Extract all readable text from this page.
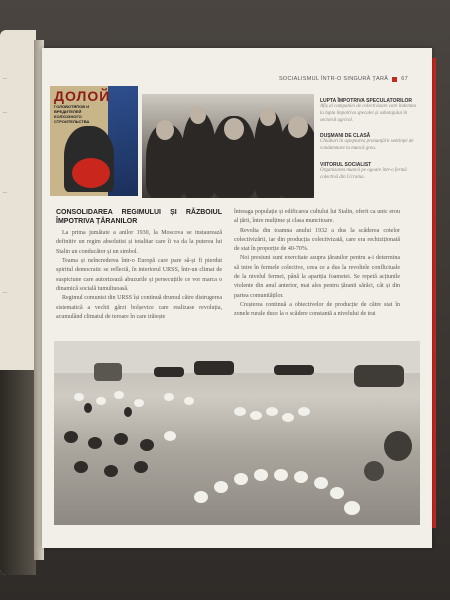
...
...
...
...
SOCIALISMUL ÎNTR-O SINGURĂ ȚARĂ 67
ДОЛОЙ
ГОЛОВОТЯПОВ И ВРЕДИТЕЛЕЙ КОЛХОЗНОГО СТРОИТЕЛЬСТВА
LUPTA ÎMPOTRIVA SPECULATORILOR
Afiș al campaniei de colectivizare care îndemna la lupta împotriva speculei și sabotajului în sectorul agricol.
DUȘMANI DE CLASĂ
Chiaburi în așteptarea pronunțării sentinței de condamnare la muncă grea.
VIITORUL SOCIALIST
Organizarea muncii pe ogoare într-o fermă colectivă din Ucraina.
CONSOLIDAREA REGIMULUI ȘI RĂZBOIUL ÎMPOTRIVA ȚĂRANILOR

La prima jumătate a anilor 1930, la Moscova se instaurează definitiv un regim absolutist și totalitar care îi va da la puterea lui Stalin un conducător și un simbol.

Teama și neîncrederea într-o Europă care pare să-și fi pierdut spiritul democratic se reflectă, în interiorul URSS, într-un climat de suspiciune care autorizează abuzurile și persecuțiile ce vor marca o dinamică socială tumultuoasă.

Regimul comunist din URSS își continuă drumul către distrugerea sistematică a vechii gărzi bolșevice care realizase revoluția, acumulând climatul de teroare în care trăiește

întreaga populație și edificarea cultului lui Stalin, oferit ca unic erou al țării, între mulțime și clasa muncitoare.

Revolta din toamna anului 1932 a dus la scăderea cotelor colectivizării, iar din producția colectivizată, care era rechiziționată de stat în proporție de 40-70%.

Noi presiuni sunt exercitate asupra țăranilor pentru a-i determina să intre în fermele colective, ceea ce a dus la revoltele conflictuale de la nivelul fermei, până la apariția foametei. Se repetă acțiunile violente din anul anterior, mai ales pentru țăranii sărăci, cât și din partea comunităților.

Creșterea continuă a obiectivelor de producție de către stat în zonele rurale duce la o scădere constantă a nivelului de trai
